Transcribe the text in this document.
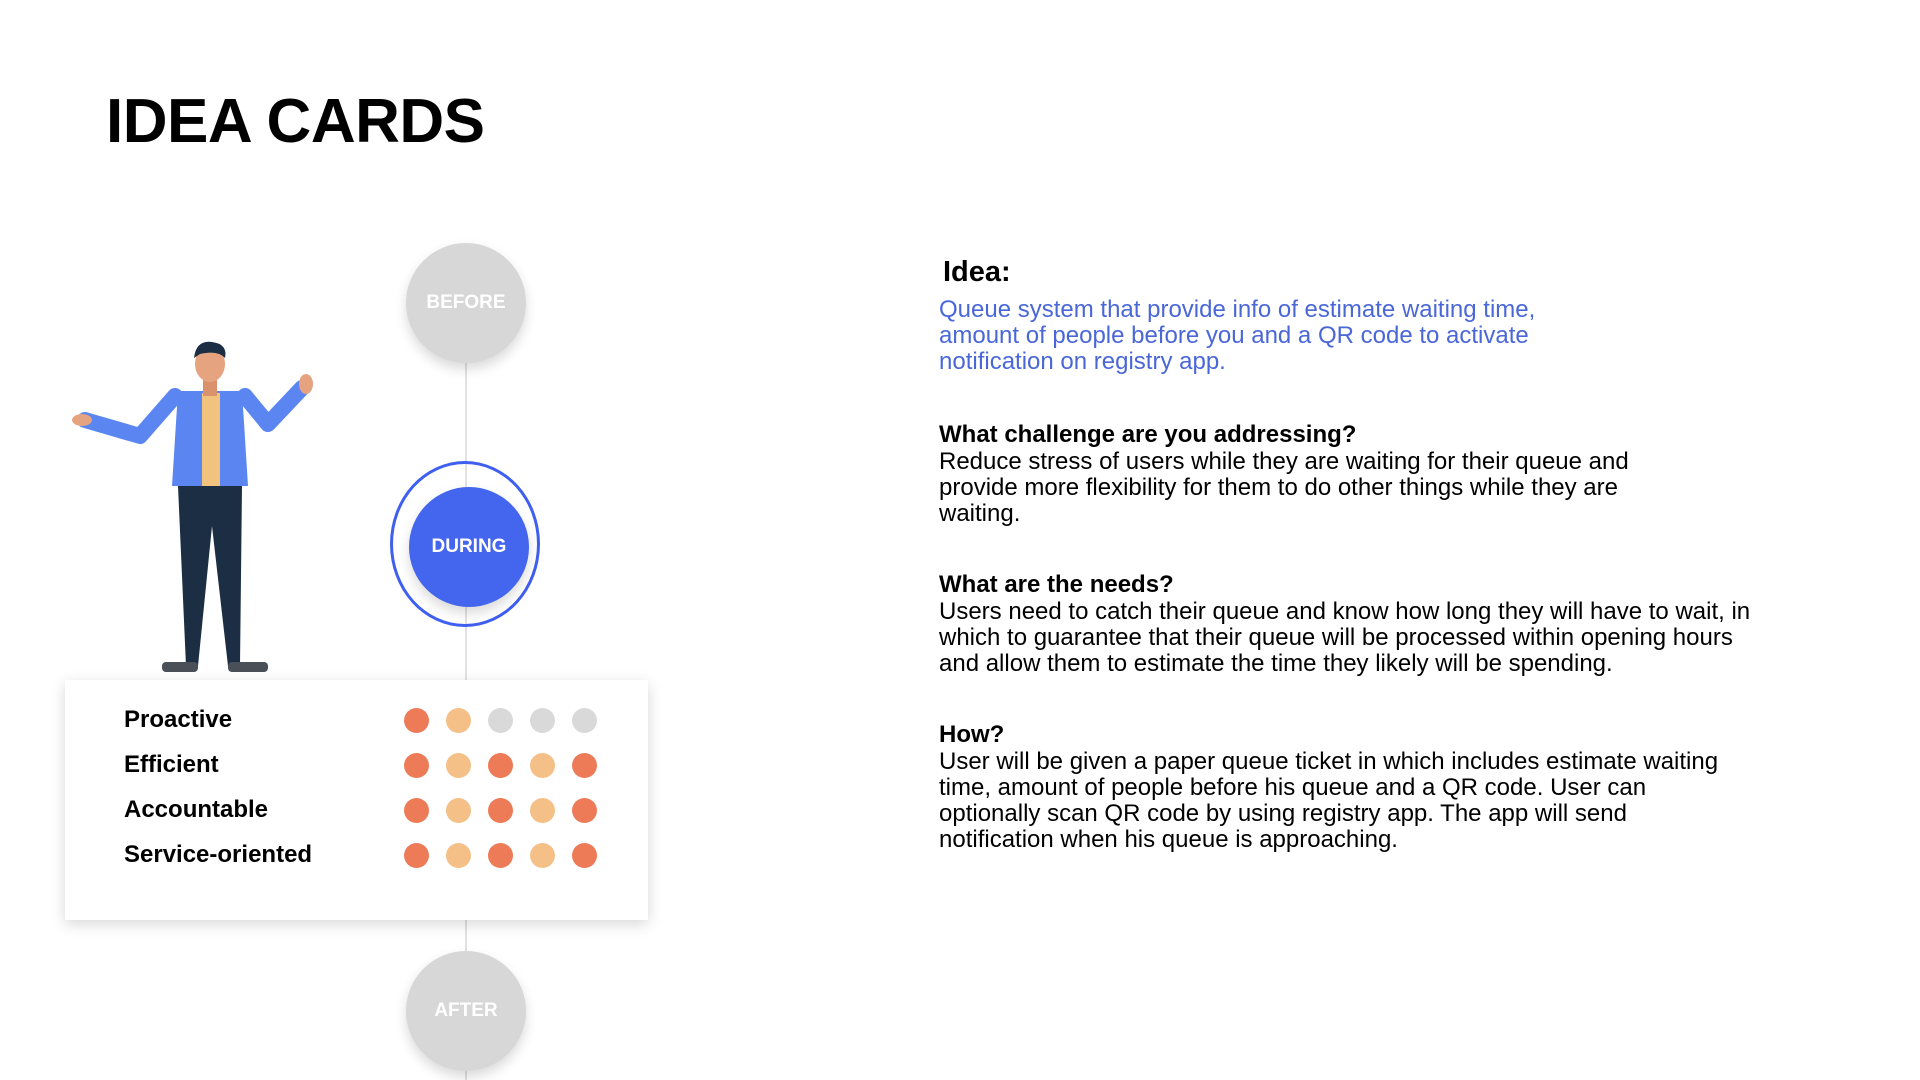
IDEA CARDS
BEFORE
DURING
AFTER
Proactive
Efficient
Accountable
Service-oriented

Idea:

Queue system that provide info of estimate waiting time, amount of people before you and a QR code to activate notification on registry app.

What challenge are you addressing?

Reduce stress of users while they are waiting for their queue and provide more flexibility for them to do other things while they are waiting.

What are the needs?

Users need to catch their queue and know how long they will have to wait, in which to guarantee that their queue will be processed within opening hours and allow them to estimate the time they likely will be spending.

How?

User will be given a paper queue ticket in which includes estimate waiting time, amount of people before his queue and a QR code. User can optionally scan QR code by using registry app. The app will send notification when his queue is approaching.
